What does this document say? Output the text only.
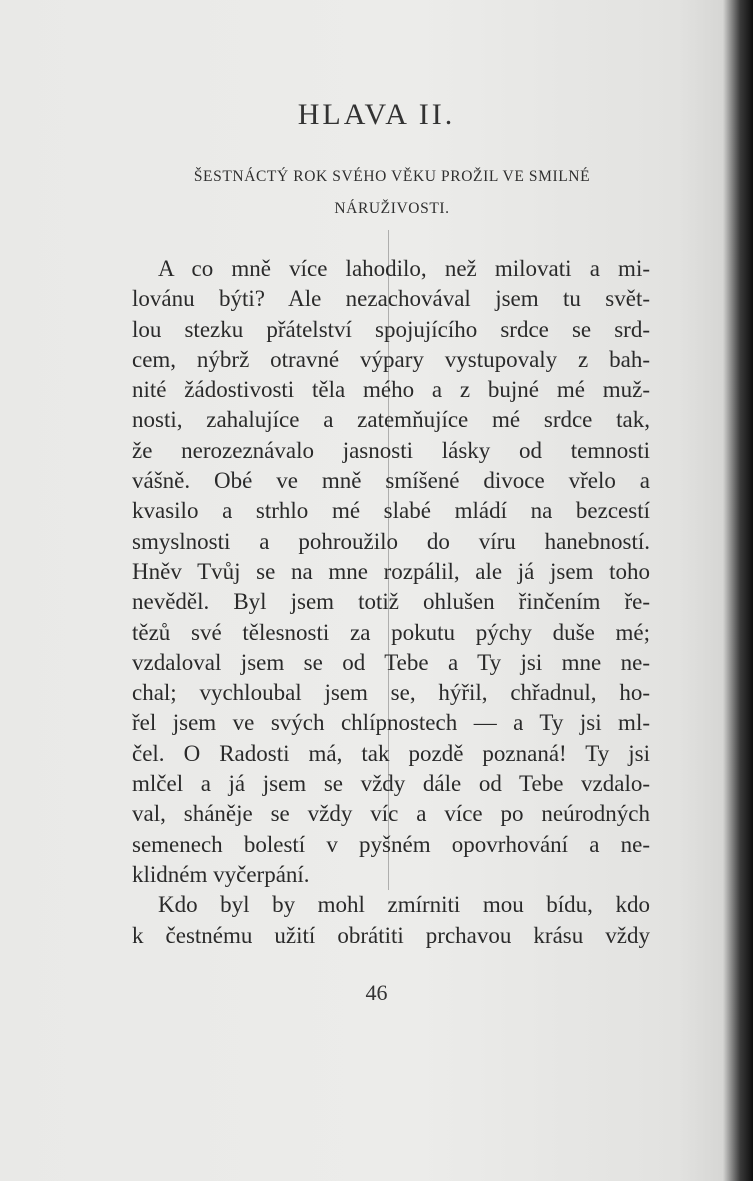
HLAVA II.
ŠESTNÁCTÝ ROK SVÉHO VĚKU PROŽIL VE SMILNÉ
NÁRUŽIVOSTI.
A co mně více lahodilo, než milovati a mi-
lovánu býti? Ale nezachovával jsem tu svět-
lou stezku přátelství spojujícího srdce se srd-
cem, nýbrž otravné výpary vystupovaly z bah-
nité žádostivosti těla mého a z bujné mé muž-
nosti, zahalujíce a zatemňujíce mé srdce tak,
že nerozeznávalo jasnosti lásky od temnosti
vášně. Obé ve mně smíšené divoce vřelo a
kvasilo a strhlo mé slabé mládí na bezcestí
smyslnosti a pohroužilo do víru hanebností.
Hněv Tvůj se na mne rozpálil, ale já jsem toho
nevěděl. Byl jsem totiž ohlušen řinčením ře-
tězů své tělesnosti za pokutu pýchy duše mé;
vzdaloval jsem se od Tebe a Ty jsi mne ne-
chal; vychloubal jsem se, hýřil, chřadnul, ho-
řel jsem ve svých chlípnostech — a Ty jsi ml-
čel. O Radosti má, tak pozdě poznaná! Ty jsi
mlčel a já jsem se vždy dále od Tebe vzdalo-
val, sháněje se vždy víc a více po neúrodných
semenech bolestí v pyšném opovrhování a ne-
klidném vyčerpání.
Kdo byl by mohl zmírniti mou bídu, kdo
k čestnému užití obrátiti prchavou krásu vždy
46
